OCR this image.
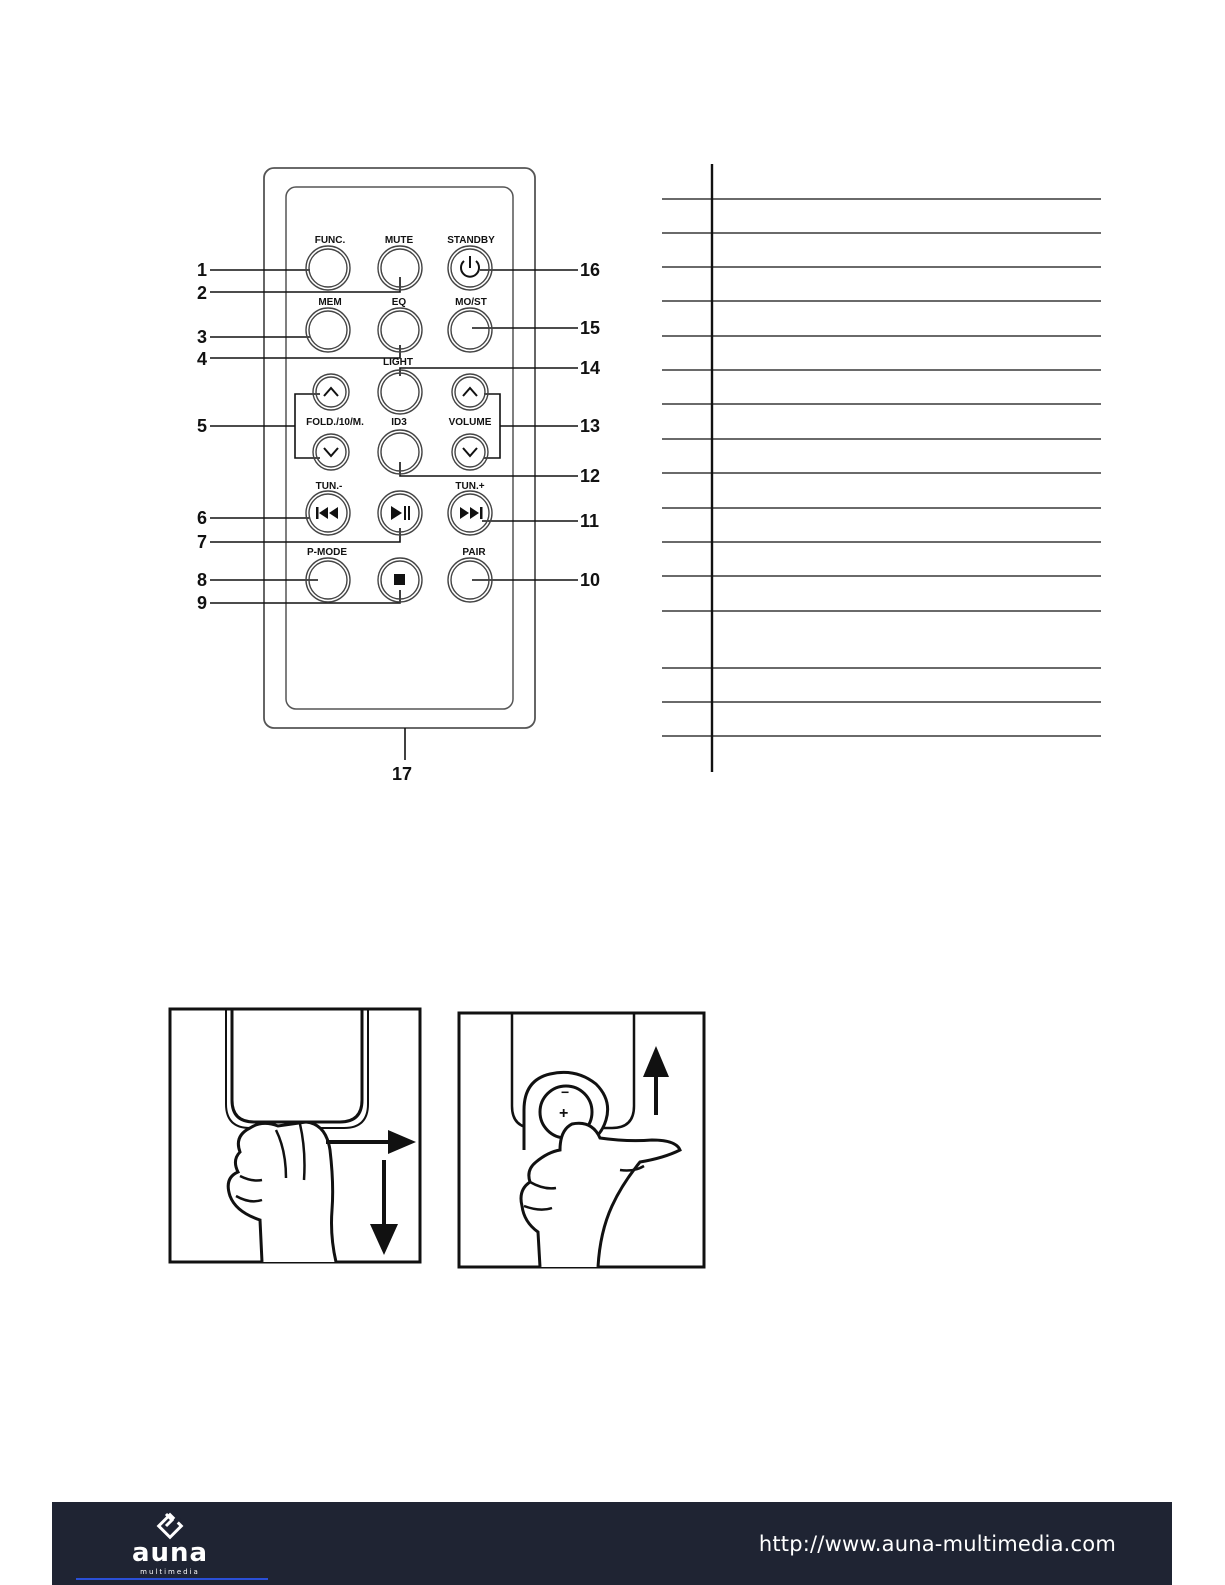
FUNC.	MUTE	STANDBY
MEM	EQ	MO/ST
LIGHT
FOLD./10/M.	ID3	VOLUME
TUN.-	TUN.+
P-MODE	PAIR
1
2
3
4
5
6
7
8
9
10
11
12
13
14
15
16
17
−
+
auna
multimedia
http://www.auna-multimedia.com
